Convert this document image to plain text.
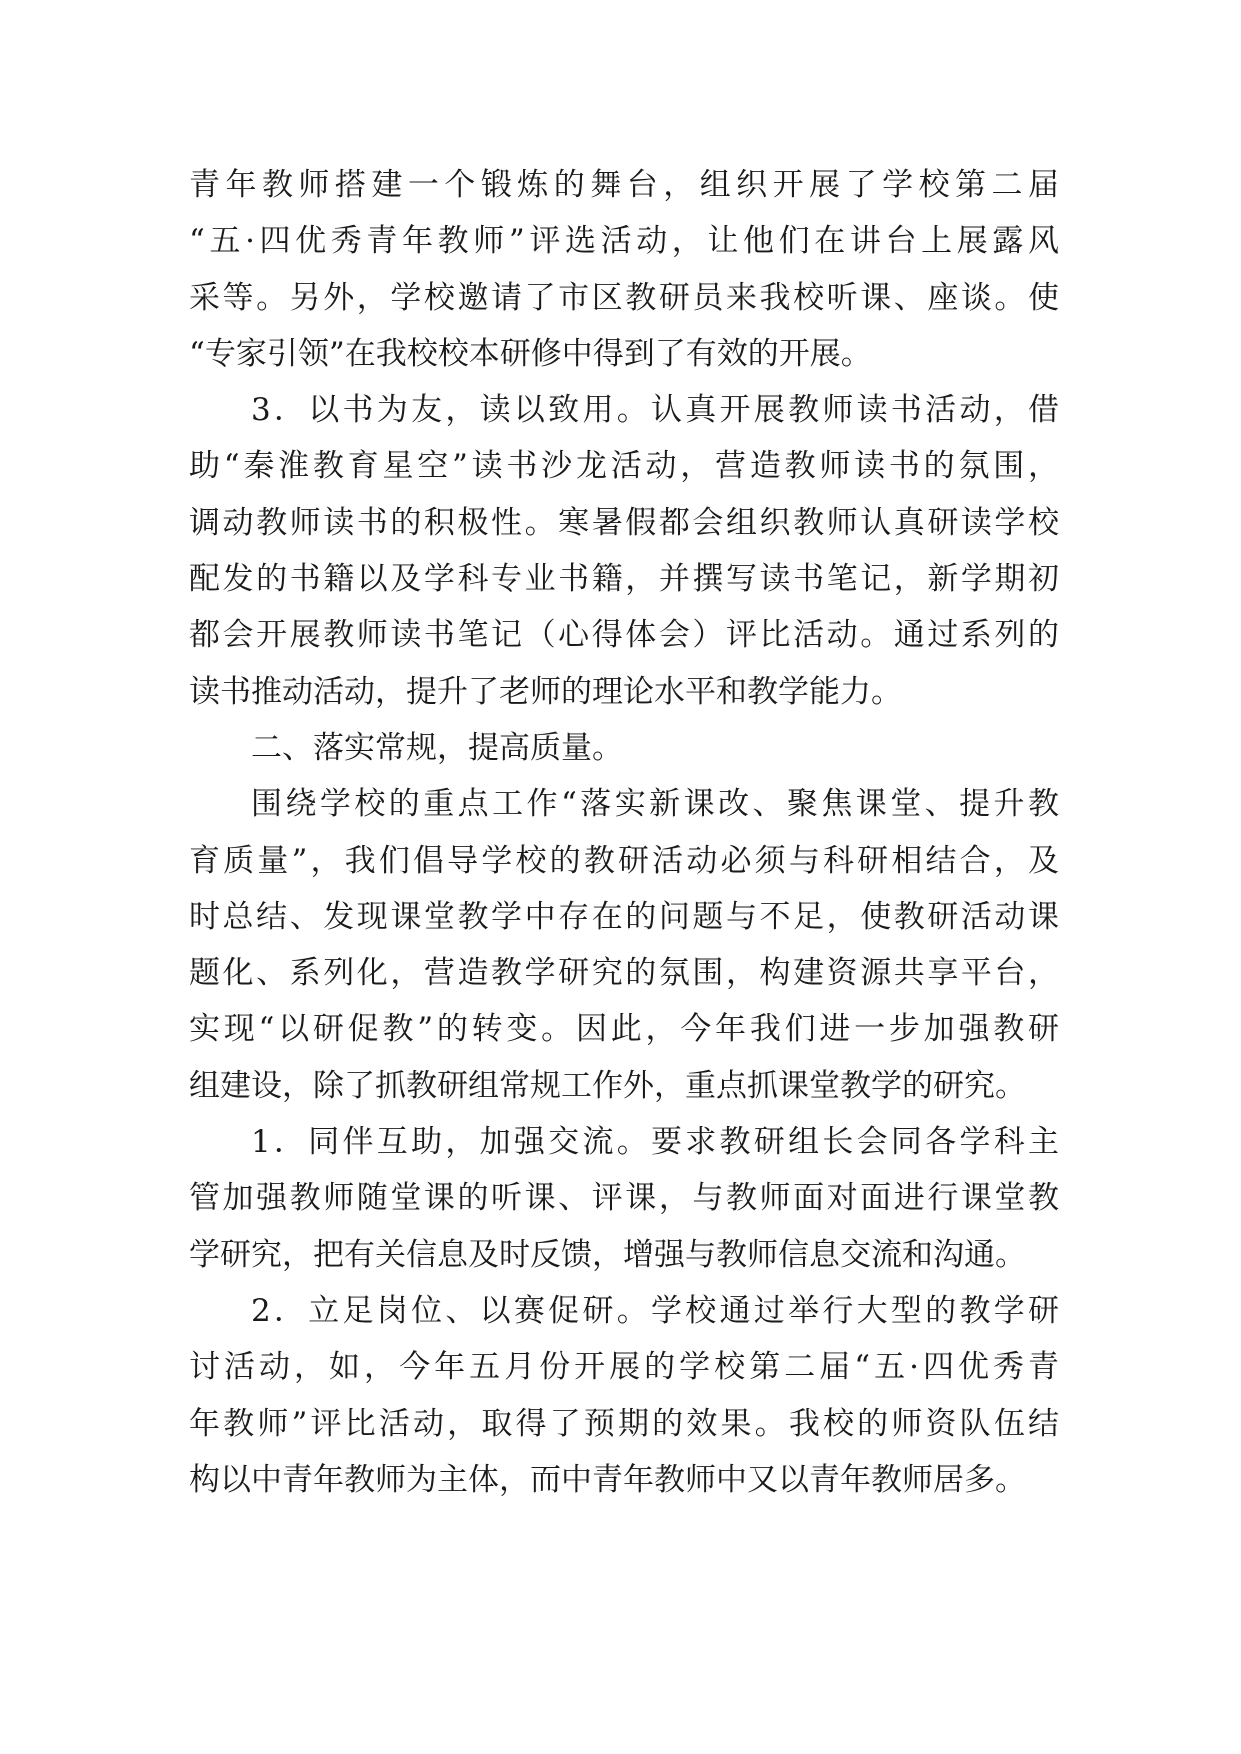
青年教师搭建一个锻炼的舞台，组织开展了学校第二届
“五·四优秀青年教师”评选活动，让他们在讲台上展露风
采等。另外，学校邀请了市区教研员来我校听课、座谈。使
“专家引领”在我校校本研修中得到了有效的开展。
3．以书为友，读以致用。认真开展教师读书活动，借
助“秦淮教育星空”读书沙龙活动，营造教师读书的氛围，
调动教师读书的积极性。寒暑假都会组织教师认真研读学校
配发的书籍以及学科专业书籍，并撰写读书笔记，新学期初
都会开展教师读书笔记（心得体会）评比活动。通过系列的
读书推动活动，提升了老师的理论水平和教学能力。
二、落实常规，提高质量。
围绕学校的重点工作“落实新课改、聚焦课堂、提升教
育质量”，我们倡导学校的教研活动必须与科研相结合，及
时总结、发现课堂教学中存在的问题与不足，使教研活动课
题化、系列化，营造教学研究的氛围，构建资源共享平台，
实现“以研促教”的转变。因此，今年我们进一步加强教研
组建设，除了抓教研组常规工作外，重点抓课堂教学的研究。
1．同伴互助，加强交流。要求教研组长会同各学科主
管加强教师随堂课的听课、评课，与教师面对面进行课堂教
学研究，把有关信息及时反馈，增强与教师信息交流和沟通。
2．立足岗位、以赛促研。学校通过举行大型的教学研
讨活动，如，今年五月份开展的学校第二届“五·四优秀青
年教师”评比活动，取得了预期的效果。我校的师资队伍结
构以中青年教师为主体，而中青年教师中又以青年教师居多。
